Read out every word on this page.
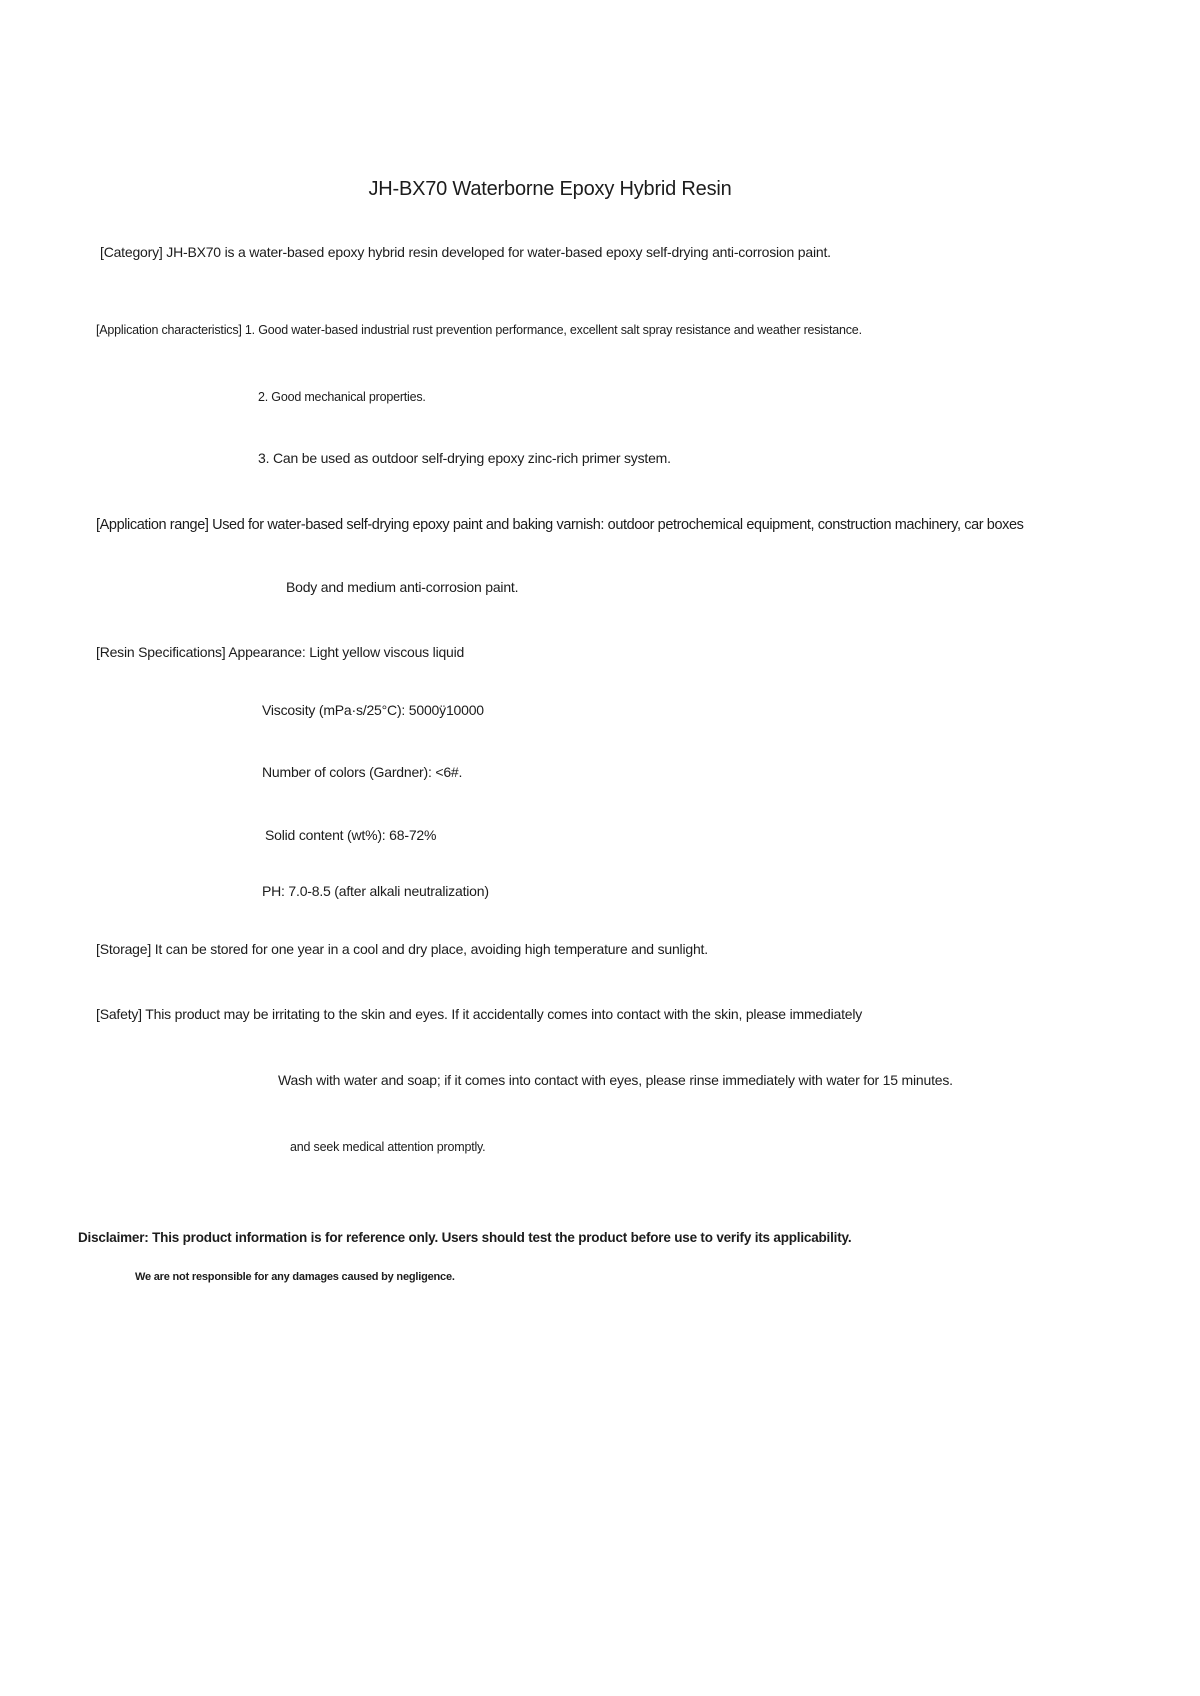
JH-BX70 Waterborne Epoxy Hybrid Resin

[Category] JH-BX70 is a water-based epoxy hybrid resin developed for water-based epoxy self-drying anti-corrosion paint.

[Application characteristics] 1. Good water-based industrial rust prevention performance, excellent salt spray resistance and weather resistance.

2. Good mechanical properties.

3. Can be used as outdoor self-drying epoxy zinc-rich primer system.

[Application range] Used for water-based self-drying epoxy paint and baking varnish: outdoor petrochemical equipment, construction machinery, car boxes

Body and medium anti-corrosion paint.

[Resin Specifications] Appearance: Light yellow viscous liquid

Viscosity (mPa·s/25°C): 5000ÿ10000

Number of colors (Gardner): <6#.

Solid content (wt%): 68-72%

PH: 7.0-8.5 (after alkali neutralization)

[Storage] It can be stored for one year in a cool and dry place, avoiding high temperature and sunlight.

[Safety] This product may be irritating to the skin and eyes. If it accidentally comes into contact with the skin, please immediately

Wash with water and soap; if it comes into contact with eyes, please rinse immediately with water for 15 minutes.

and seek medical attention promptly.

Disclaimer: This product information is for reference only. Users should test the product before use to verify its applicability.

We are not responsible for any damages caused by negligence.
